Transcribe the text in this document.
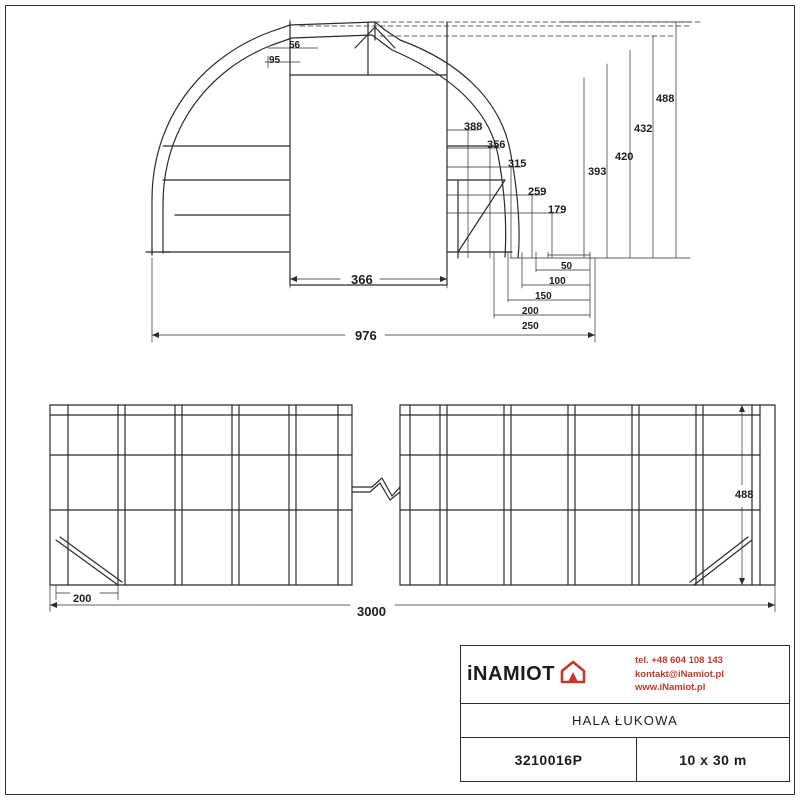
56
95
488
432
420
393
388
356
315
259
179
50
100
150
200
250
366
976
488
200
3000
iNAMIOT
tel. +48 604 108 143
kontakt@iNamiot.pl
www.iNamiot.pl
HALA ŁUKOWA
3210016P	10 x 30 m
